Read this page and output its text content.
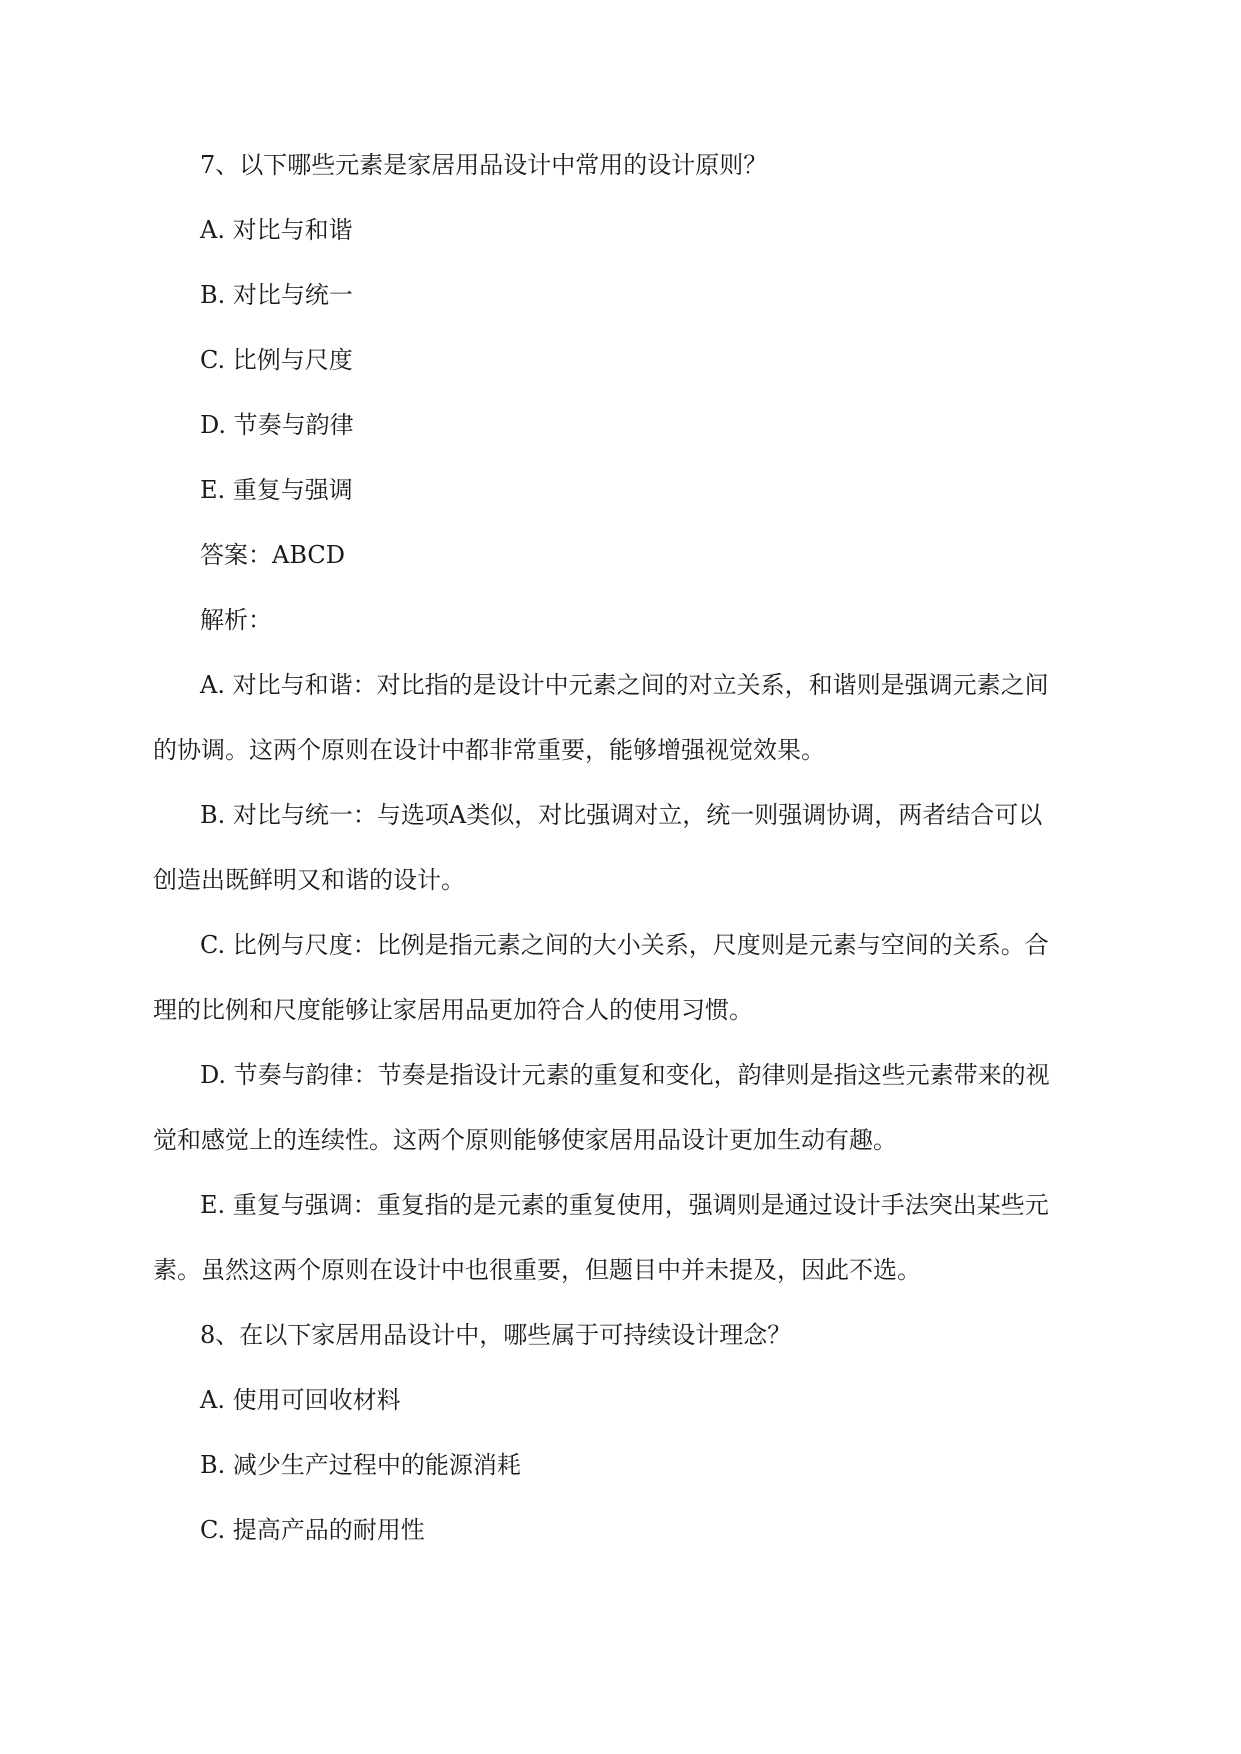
7、以下哪些元素是家居用品设计中常用的设计原则？
A. 对比与和谐
B. 对比与统一
C. 比例与尺度
D. 节奏与韵律
E. 重复与强调
答案：ABCD
解析：
A. 对比与和谐：对比指的是设计中元素之间的对立关系，和谐则是强调元素之间
的协调。这两个原则在设计中都非常重要，能够增强视觉效果。
B. 对比与统一：与选项A类似，对比强调对立，统一则强调协调，两者结合可以
创造出既鲜明又和谐的设计。
C. 比例与尺度：比例是指元素之间的大小关系，尺度则是元素与空间的关系。合
理的比例和尺度能够让家居用品更加符合人的使用习惯。
D. 节奏与韵律：节奏是指设计元素的重复和变化，韵律则是指这些元素带来的视
觉和感觉上的连续性。这两个原则能够使家居用品设计更加生动有趣。
E. 重复与强调：重复指的是元素的重复使用，强调则是通过设计手法突出某些元
素。虽然这两个原则在设计中也很重要，但题目中并未提及，因此不选。
8、在以下家居用品设计中，哪些属于可持续设计理念？
A. 使用可回收材料
B. 减少生产过程中的能源消耗
C. 提高产品的耐用性
